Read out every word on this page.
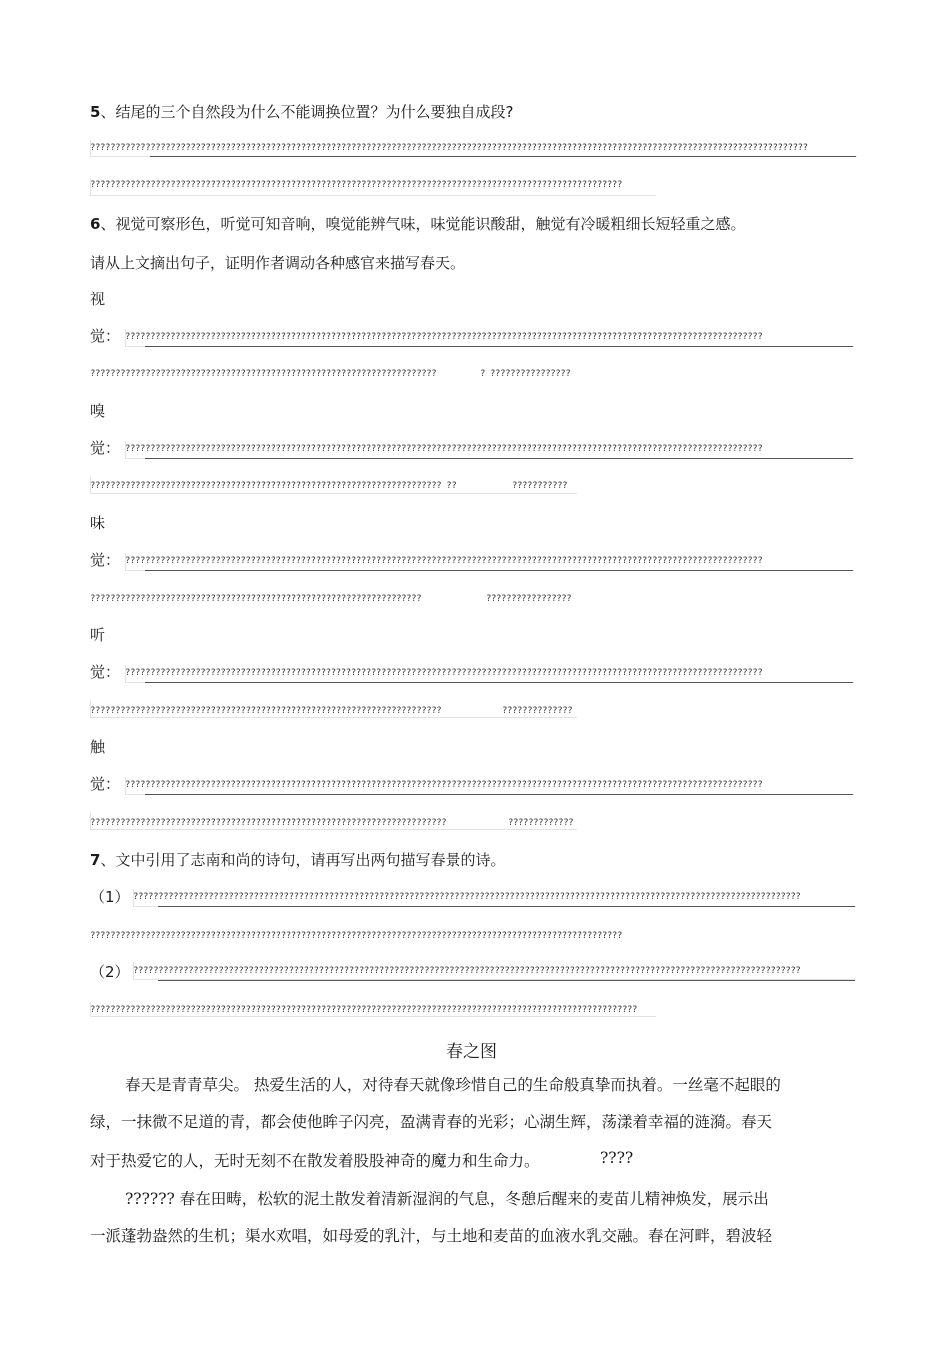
5、结尾的三个自然段为什么不能调换位置？为什么要独自成段?
???????????????????????????????????????????????????????????????????????????????????????????????????????????????????????????????????????????????
??????????????????????????????????????????????????????????????????????????????????????????????????????????
6、视觉可察形色，听觉可知音响，嗅觉能辨气味，味觉能识酸甜，触觉有冷暖粗细长短轻重之感。
请从上文摘出句子，证明作者调动各种感官来描写春天。
视
觉： ???????????????????????????????????????????????????????????????????????????????????????????????????????????????????????????????
?????????????????????????????????????????????????????????????????????	? ????????????????
嗅
觉： ???????????????????????????????????????????????????????????????????????????????????????????????????????????????????????????????
?????????????????????????????????????????????????????????????????????? ??	???????????
味
觉： ???????????????????????????????????????????????????????????????????????????????????????????????????????????????????????????????
??????????????????????????????????????????????????????????????????	?????????????????
听
觉： ???????????????????????????????????????????????????????????????????????????????????????????????????????????????????????????????
??????????????????????????????????????????????????????????????????????	??????????????
触
觉： ???????????????????????????????????????????????????????????????????????????????????????????????????????????????????????????????
???????????????????????????????????????????????????????????????????????	?????????????
7、文中引用了志南和尚的诗句，请再写出两句描写春景的诗。
（1） ?????????????????????????????????????????????????????????????????????????????????????????????????????????????????????????????????????
??????????????????????????????????????????????????????????????????????????????????????????????????????????
（2） ?????????????????????????????????????????????????????????????????????????????????????????????????????????????????????????????????????
?????????????????????????????????????????????????????????????????????????????????????????????????????????????
春之图
春天是青青草尖。 热爱生活的人，对待春天就像珍惜自己的生命般真挚而执着。一丝毫不起眼的
绿，一抹微不足道的青，都会使他眸子闪亮，盈满青春的光彩；心湖生辉，荡漾着幸福的涟漪。春天
对于热爱它的人，无时无刻不在散发着股股神奇的魔力和生命力。	????
?????? 春在田畴，松软的泥土散发着清新湿润的气息，冬憩后醒来的麦苗儿精神焕发，展示出
一派蓬勃盎然的生机；渠水欢唱，如母爱的乳汁，与土地和麦苗的血液水乳交融。春在河畔，碧波轻
